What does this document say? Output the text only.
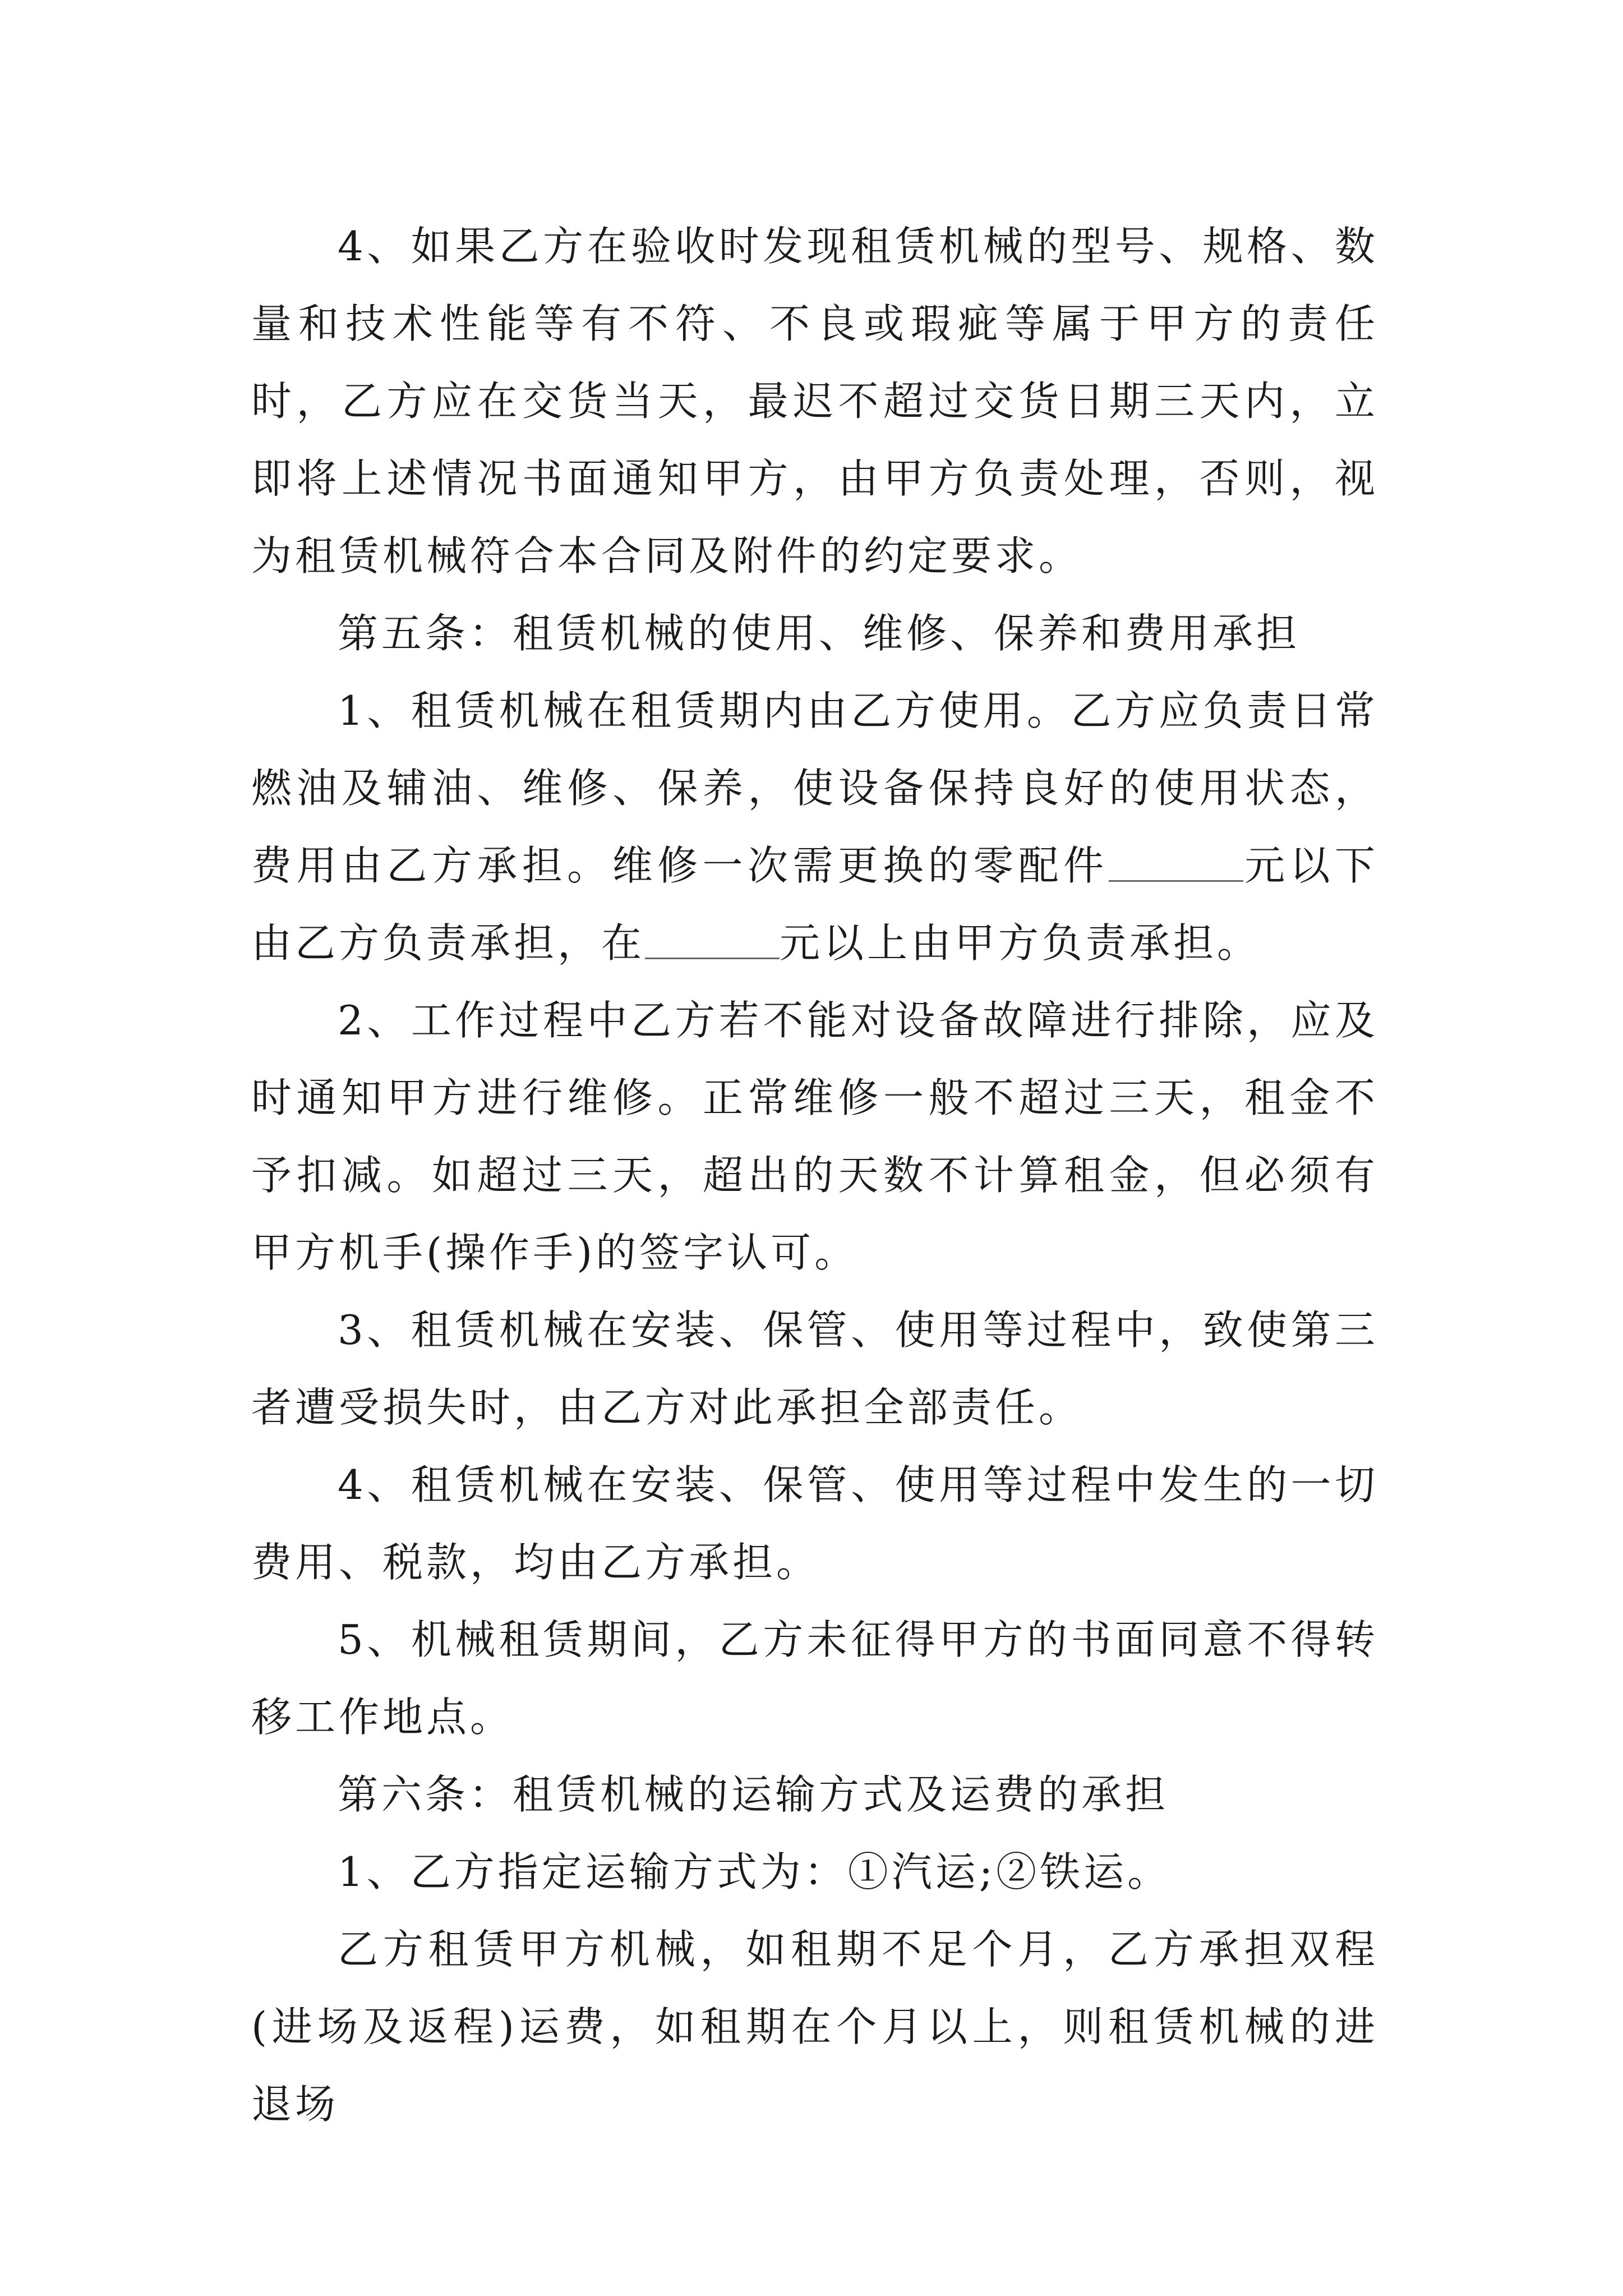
4、如果乙方在验收时发现租赁机械的型号、规格、数量和技术性能等有不符、不良或瑕疵等属于甲方的责任时，乙方应在交货当天，最迟不超过交货日期三天内，立即将上述情况书面通知甲方，由甲方负责处理，否则，视为租赁机械符合本合同及附件的约定要求。

第五条：租赁机械的使用、维修、保养和费用承担

1、租赁机械在租赁期内由乙方使用。乙方应负责日常燃油及辅油、维修、保养，使设备保持良好的使用状态，费用由乙方承担。维修一次需更换的零配件	元以下由乙方负责承担，在	元以上由甲方负责承担。

2、工作过程中乙方若不能对设备故障进行排除，应及时通知甲方进行维修。正常维修一般不超过三天，租金不予扣减。如超过三天，超出的天数不计算租金，但必须有甲方机手(操作手)的签字认可。

3、租赁机械在安装、保管、使用等过程中，致使第三者遭受损失时，由乙方对此承担全部责任。

4、租赁机械在安装、保管、使用等过程中发生的一切费用、税款，均由乙方承担。

5、机械租赁期间，乙方未征得甲方的书面同意不得转移工作地点。

第六条：租赁机械的运输方式及运费的承担

1、乙方指定运输方式为：①汽运;②铁运。

乙方租赁甲方机械，如租期不足个月，乙方承担双程(进场及返程)运费，如租期在个月以上，则租赁机械的进退场
